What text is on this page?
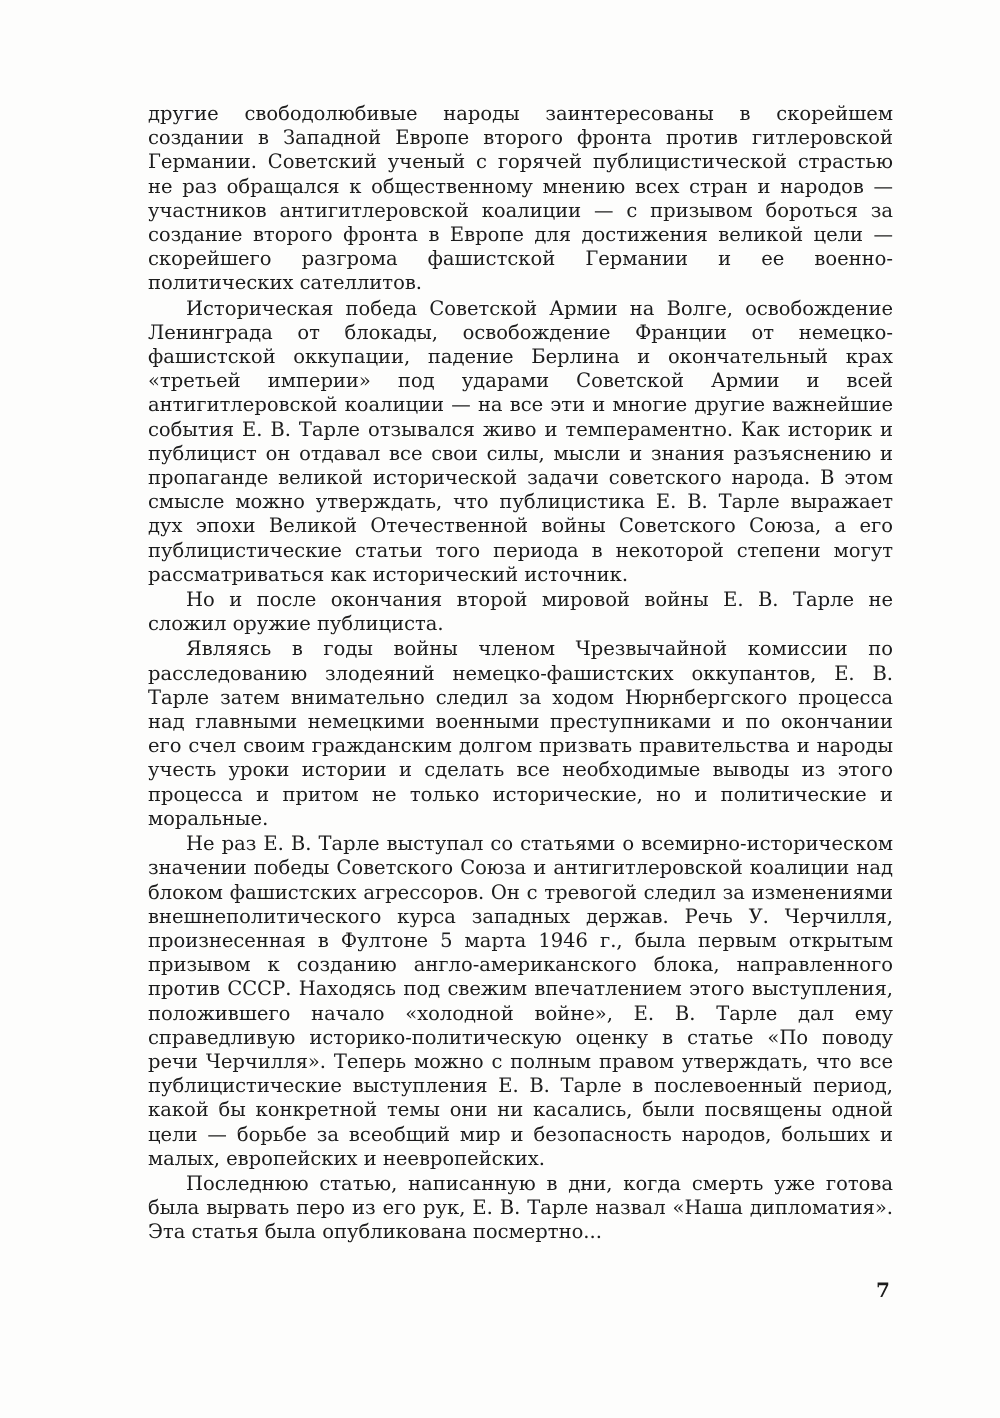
другие свободолюбивые народы заинтересованы в скорейшем создании в Западной Европе второго фронта против гитлеровской Германии. Советский ученый с горячей публицистической страстью не раз обращался к общественному мнению всех стран и народов — участников антигитлеровской коалиции — с призывом бороться за создание второго фронта в Европе для достижения великой цели — скорейшего разгрома фашистской Германии и ее военно-политических сателлитов.

Историческая победа Советской Армии на Волге, освобождение Ленинграда от блокады, освобождение Франции от немецко-фашистской оккупации, падение Берлина и окончательный крах «третьей империи» под ударами Советской Армии и всей антигитлеровской коалиции — на все эти и многие другие важнейшие события Е. В. Тарле отзывался живо и темпераментно. Как историк и публицист он отдавал все свои силы, мысли и знания разъяснению и пропаганде великой исторической задачи советского народа. В этом смысле можно утверждать, что публицистика Е. В. Тарле выражает дух эпохи Великой Отечественной войны Советского Союза, а его публицистические статьи того периода в некоторой степени могут рассматриваться как исторический источник.

Но и после окончания второй мировой войны Е. В. Тарле не сложил оружие публициста.

Являясь в годы войны членом Чрезвычайной комиссии по расследованию злодеяний немецко-фашистских оккупантов, Е. В. Тарле затем внимательно следил за ходом Нюрнбергского процесса над главными немецкими военными преступниками и по окончании его счел своим гражданским долгом призвать правительства и народы учесть уроки истории и сделать все необходимые выводы из этого процесса и притом не только исторические, но и политические и моральные.

Не раз Е. В. Тарле выступал со статьями о всемирно-историческом значении победы Советского Союза и антигитлеровской коалиции над блоком фашистских агрессоров. Он с тревогой следил за изменениями внешнеполитического курса западных держав. Речь У. Черчилля, произнесенная в Фултоне 5 марта 1946 г., была первым открытым призывом к созданию англо-американского блока, направленного против СССР. Находясь под свежим впечатлением этого выступления, положившего начало «холодной войне», Е. В. Тарле дал ему справедливую историко-политическую оценку в статье «По поводу речи Черчилля». Теперь можно с полным правом утверждать, что все публицистические выступления Е. В. Тарле в послевоенный период, какой бы конкретной темы они ни касались, были посвящены одной цели — борьбе за всеобщий мир и безопасность народов, больших и малых, европейских и неевропейских.

Последнюю статью, написанную в дни, когда смерть уже готова была вырвать перо из его рук, Е. В. Тарле назвал «Наша дипломатия». Эта статья была опубликована посмертно...

7
